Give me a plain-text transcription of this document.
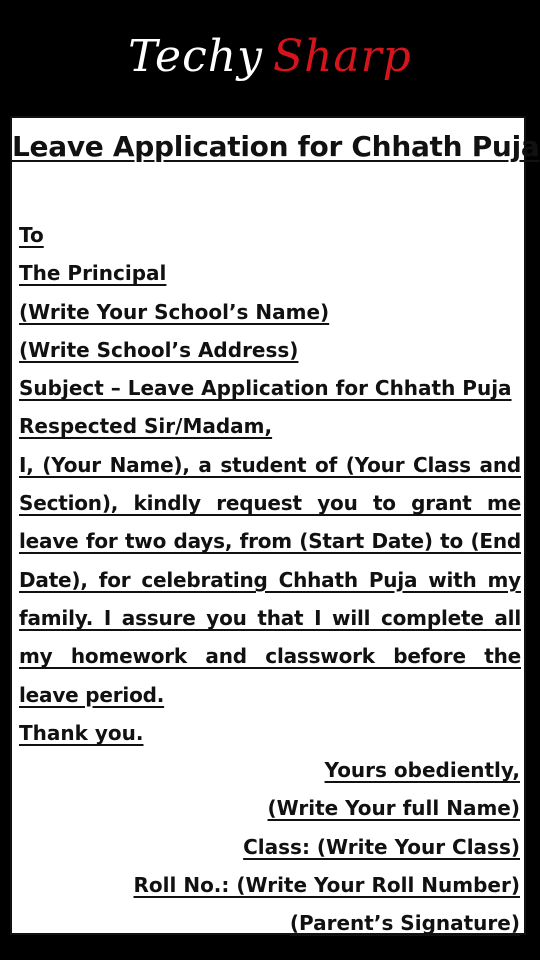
Techy Sharp
Leave Application for Chhath Puja
To
The Principal
(Write Your School’s Name)
(Write School’s Address)
Subject – Leave Application for Chhath Puja
Respected Sir/Madam,
I, (Your Name), a student of (Your Class and Section), kindly request you to grant me leave for two days, from (Start Date) to (End Date), for celebrating Chhath Puja with my family. I assure you that I will complete all my homework and classwork before the leave period.
Thank you.
Yours obediently,
(Write Your full Name)
Class: (Write Your Class)
Roll No.: (Write Your Roll Number)
(Parent’s Signature)
